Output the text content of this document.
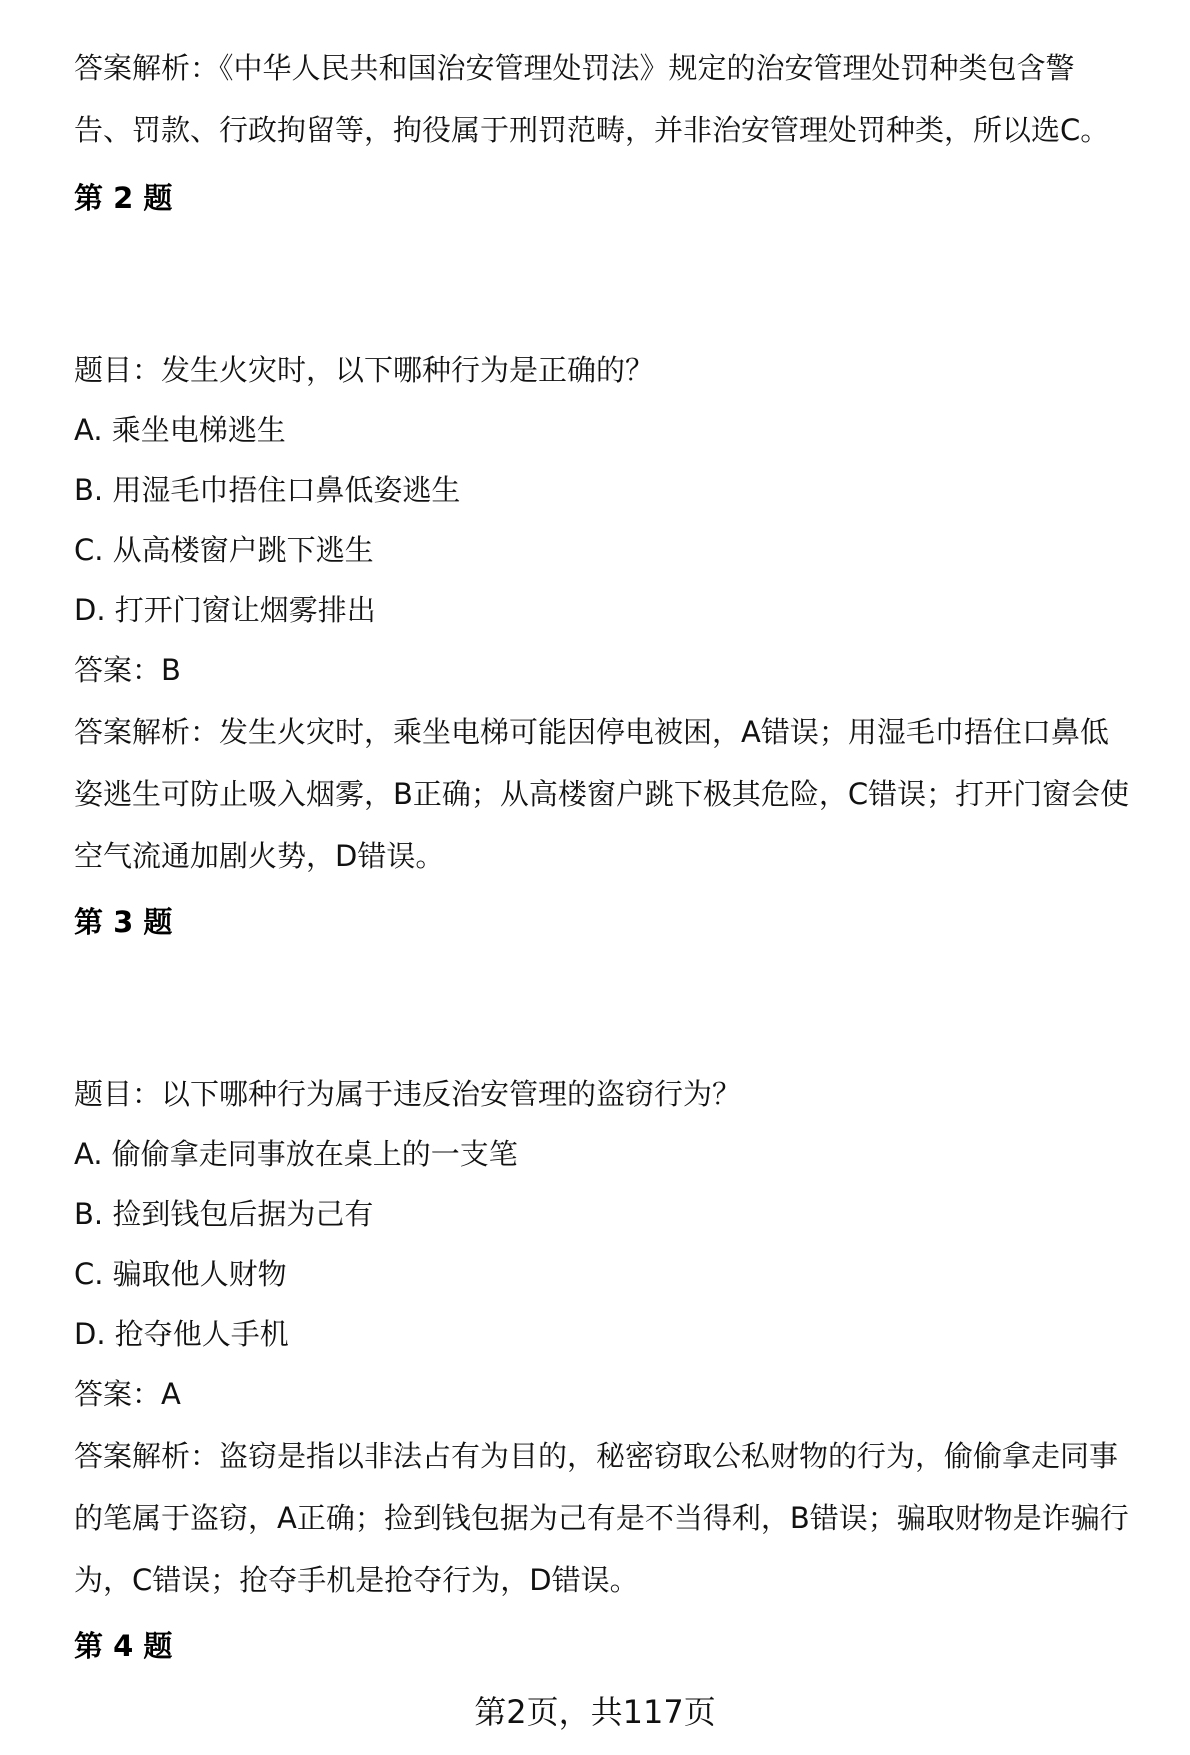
答案解析：《中华人民共和国治安管理处罚法》规定的治安管理处罚种类包含警
告、罚款、行政拘留等，拘役属于刑罚范畴，并非治安管理处罚种类，所以选C。
第 2 题
题目：发生火灾时，以下哪种行为是正确的？
A. 乘坐电梯逃生
B. 用湿毛巾捂住口鼻低姿逃生
C. 从高楼窗户跳下逃生
D. 打开门窗让烟雾排出
答案：B
答案解析：发生火灾时，乘坐电梯可能因停电被困，A错误；用湿毛巾捂住口鼻低
姿逃生可防止吸入烟雾，B正确；从高楼窗户跳下极其危险，C错误；打开门窗会使
空气流通加剧火势，D错误。
第 3 题
题目：以下哪种行为属于违反治安管理的盗窃行为？
A. 偷偷拿走同事放在桌上的一支笔
B. 捡到钱包后据为己有
C. 骗取他人财物
D. 抢夺他人手机
答案：A
答案解析：盗窃是指以非法占有为目的，秘密窃取公私财物的行为，偷偷拿走同事
的笔属于盗窃，A正确；捡到钱包据为己有是不当得利，B错误；骗取财物是诈骗行
为，C错误；抢夺手机是抢夺行为，D错误。
第 4 题
第2页，共117页
